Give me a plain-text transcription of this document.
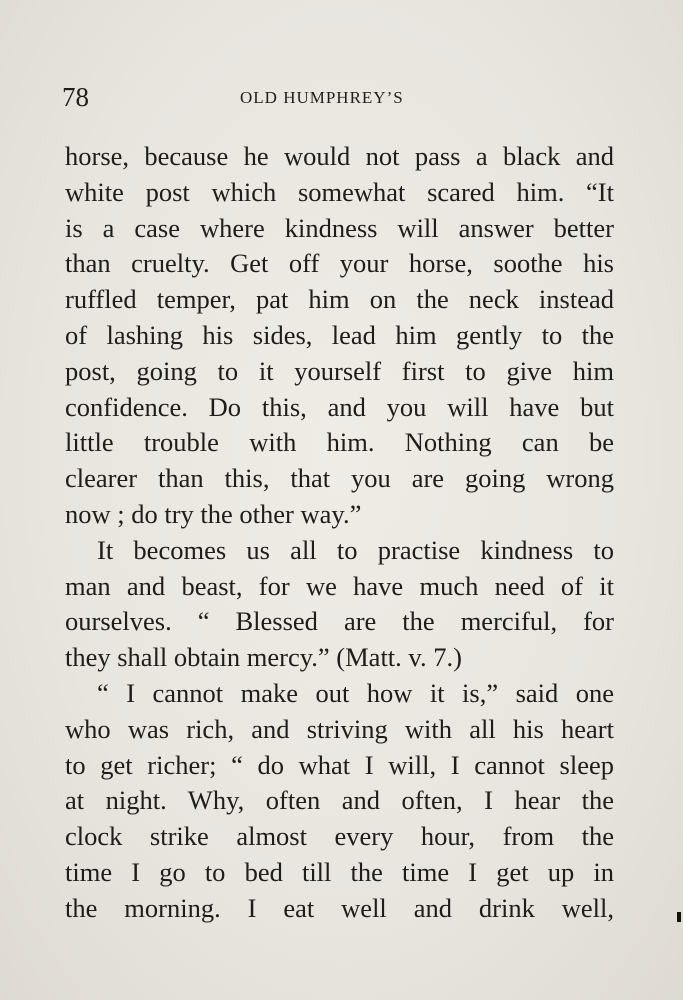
78	OLD HUMPHREY’S
horse, because he would not pass a black and
white post which somewhat scared him. “It
is a case where kindness will answer better
than cruelty. Get off your horse, soothe his
ruffled temper, pat him on the neck instead
of lashing his sides, lead him gently to the
post, going to it yourself first to give him
confidence. Do this, and you will have but
little trouble with him. Nothing can be
clearer than this, that you are going wrong
now ; do try the other way.”
It becomes us all to practise kindness to
man and beast, for we have much need of it
ourselves. “ Blessed are the merciful, for
they shall obtain mercy.” (Matt. v. 7.)
“ I cannot make out how it is,” said one
who was rich, and striving with all his heart
to get richer; “ do what I will, I cannot sleep
at night. Why, often and often, I hear the
clock strike almost every hour, from the
time I go to bed till the time I get up in
the morning. I eat well and drink well,
